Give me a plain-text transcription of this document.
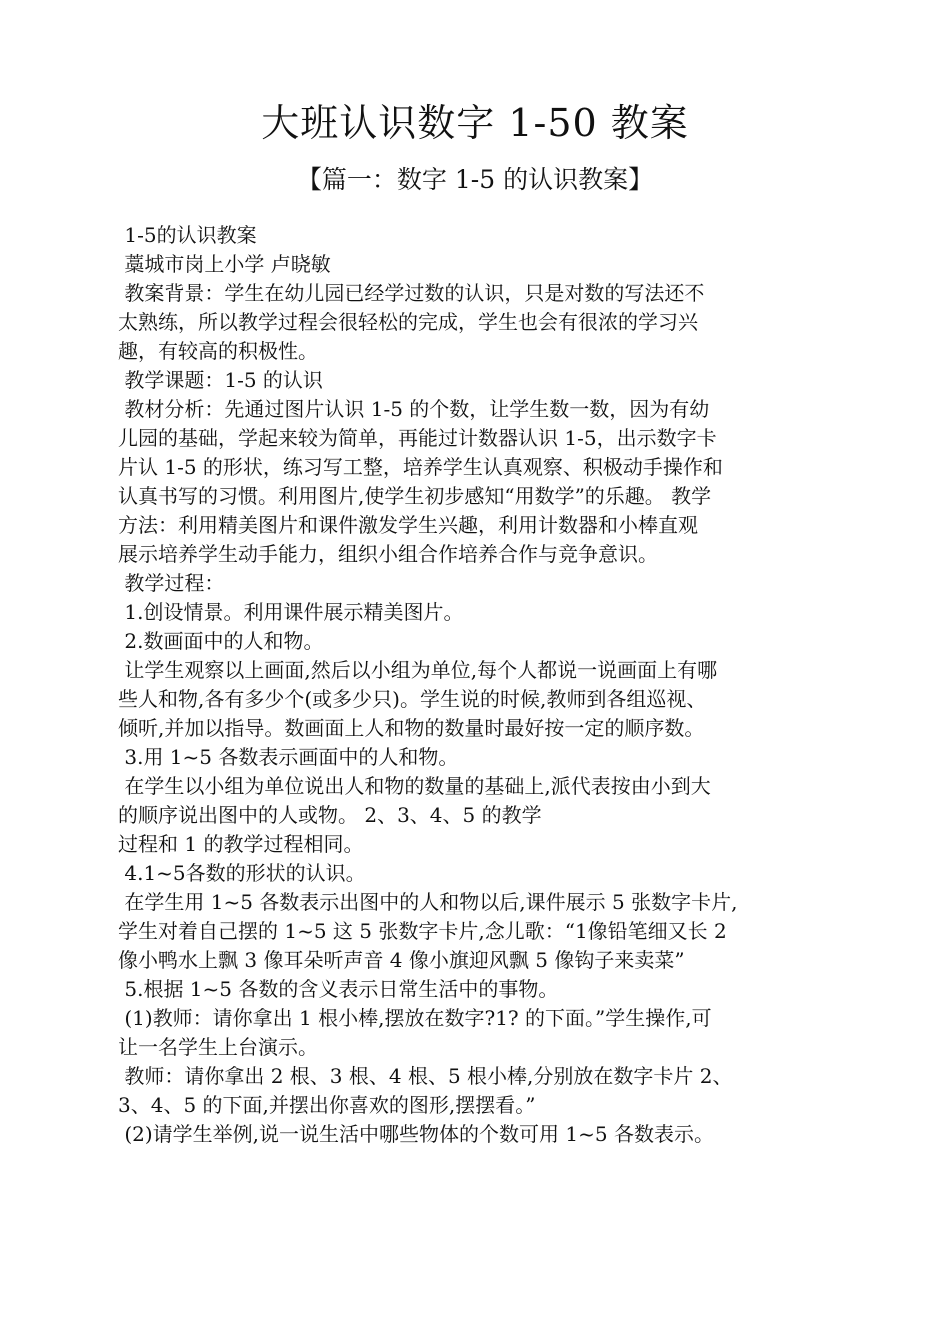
大班认识数字 1-50 教案
【篇一：数字 1-5 的认识教案】
1-5的认识教案
藁城市岗上小学 卢晓敏
教案背景：学生在幼儿园已经学过数的认识，只是对数的写法还不
太熟练，所以教学过程会很轻松的完成，学生也会有很浓的学习兴
趣，有较高的积极性。
教学课题：1-5 的认识
教材分析：先通过图片认识 1-5 的个数，让学生数一数，因为有幼
儿园的基础，学起来较为简单，再能过计数器认识 1-5，出示数字卡
片认 1-5 的形状，练习写工整，培养学生认真观察、积极动手操作和
认真书写的习惯。利用图片,使学生初步感知“用数学”的乐趣。 教学
方法：利用精美图片和课件激发学生兴趣，利用计数器和小棒直观
展示培养学生动手能力，组织小组合作培养合作与竞争意识。
教学过程：
1.创设情景。利用课件展示精美图片。
2.数画面中的人和物。
让学生观察以上画面,然后以小组为单位,每个人都说一说画面上有哪
些人和物,各有多少个(或多少只)。学生说的时候,教师到各组巡视、
倾听,并加以指导。数画面上人和物的数量时最好按一定的顺序数。
3.用 1~5 各数表示画面中的人和物。
在学生以小组为单位说出人和物的数量的基础上,派代表按由小到大
的顺序说出图中的人或物。 2、3、4、5 的教学
过程和 1 的教学过程相同。
4.1~5各数的形状的认识。
在学生用 1~5 各数表示出图中的人和物以后,课件展示 5 张数字卡片,
学生对着自己摆的 1~5 这 5 张数字卡片,念儿歌：“1像铅笔细又长 2
像小鸭水上飘 3 像耳朵听声音 4 像小旗迎风飘 5 像钩子来卖菜”
5.根据 1~5 各数的含义表示日常生活中的事物。
(1)教师：请你拿出 1 根小棒,摆放在数字?1? 的下面。”学生操作,可
让一名学生上台演示。
教师：请你拿出 2 根、3 根、4 根、5 根小棒,分别放在数字卡片 2、
3、4、5 的下面,并摆出你喜欢的图形,摆摆看。”
(2)请学生举例,说一说生活中哪些物体的个数可用 1~5 各数表示。
